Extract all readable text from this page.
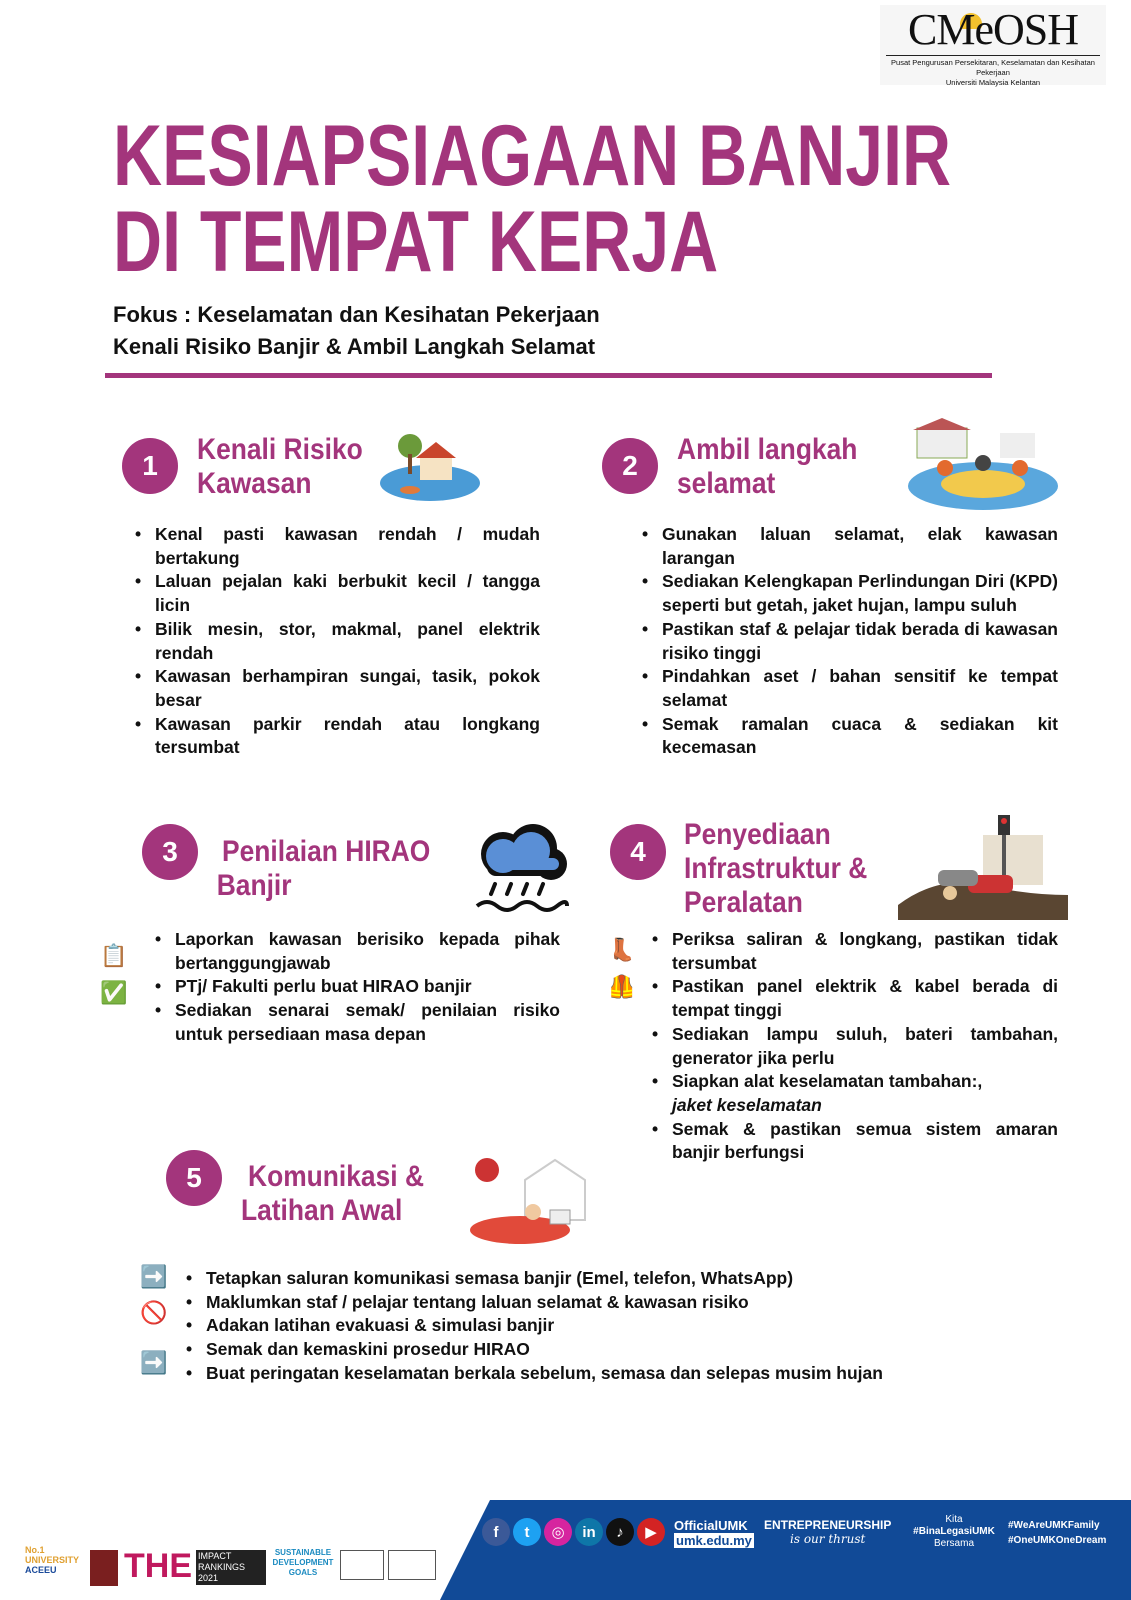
CMeOSH
Pusat Pengurusan Persekitaran, Keselamatan dan Kesihatan Pekerjaan
Universiti Malaysia Kelantan
KESIAPSIAGAAN BANJIR
DI TEMPAT KERJA
Fokus : Keselamatan dan Kesihatan Pekerjaan
Kenali Risiko Banjir & Ambil Langkah Selamat
1	Kenali Risiko
Kawasan
• Kenal pasti kawasan rendah / mudah bertakung
• Laluan pejalan kaki berbukit kecil / tangga licin
• Bilik mesin, stor, makmal, panel elektrik rendah
• Kawasan berhampiran sungai, tasik, pokok besar
• Kawasan parkir rendah atau longkang tersumbat
2	Ambil langkah
selamat
• Gunakan laluan selamat, elak kawasan larangan
• Sediakan Kelengkapan Perlindungan Diri (KPD) seperti but getah, jaket hujan, lampu suluh
• Pastikan staf & pelajar tidak berada di kawasan risiko tinggi
• Pindahkan aset / bahan sensitif ke tempat selamat
• Semak ramalan cuaca & sediakan kit kecemasan
3	Penilaian HIRAO
Banjir
📋
✅
• Laporkan kawasan berisiko kepada pihak bertanggungjawab
• PTj/ Fakulti perlu buat HIRAO banjir
• Sediakan senarai semak/ penilaian risiko untuk persediaan masa depan
4
Penyediaan
Infrastruktur &
Peralatan
👢
🦺
• Periksa saliran & longkang, pastikan tidak tersumbat
• Pastikan panel elektrik & kabel berada di tempat tinggi
• Sediakan lampu suluh, bateri tambahan, generator jika perlu
• Siapkan alat keselamatan tambahan:,
jaket keselamatan
• Semak & pastikan semua sistem amaran banjir berfungsi
5	Komunikasi &
Latihan Awal
➡️
🚫
➡️
• Tetapkan saluran komunikasi semasa banjir (Emel, telefon, WhatsApp)
• Maklumkan staf / pelajar tentang laluan selamat & kawasan risiko
• Adakan latihan evakuasi & simulasi banjir
• Semak dan kemaskini prosedur HIRAO
• Buat peringatan keselamatan berkala sebelum, semasa dan selepas musim hujan
No.1 UNIVERSITY
ACEEU	THE IMPACT RANKINGS 2021
SUSTAINABLE DEVELOPMENT GOALS
f	t	◎	in	♪	▶	OfficialUMK
umk.edu.my
ENTREPRENEURSHIP
is our thrust
Kita
#BinaLegasiUMK
Bersama
#WeAreUMKFamily
#OneUMKOneDream
